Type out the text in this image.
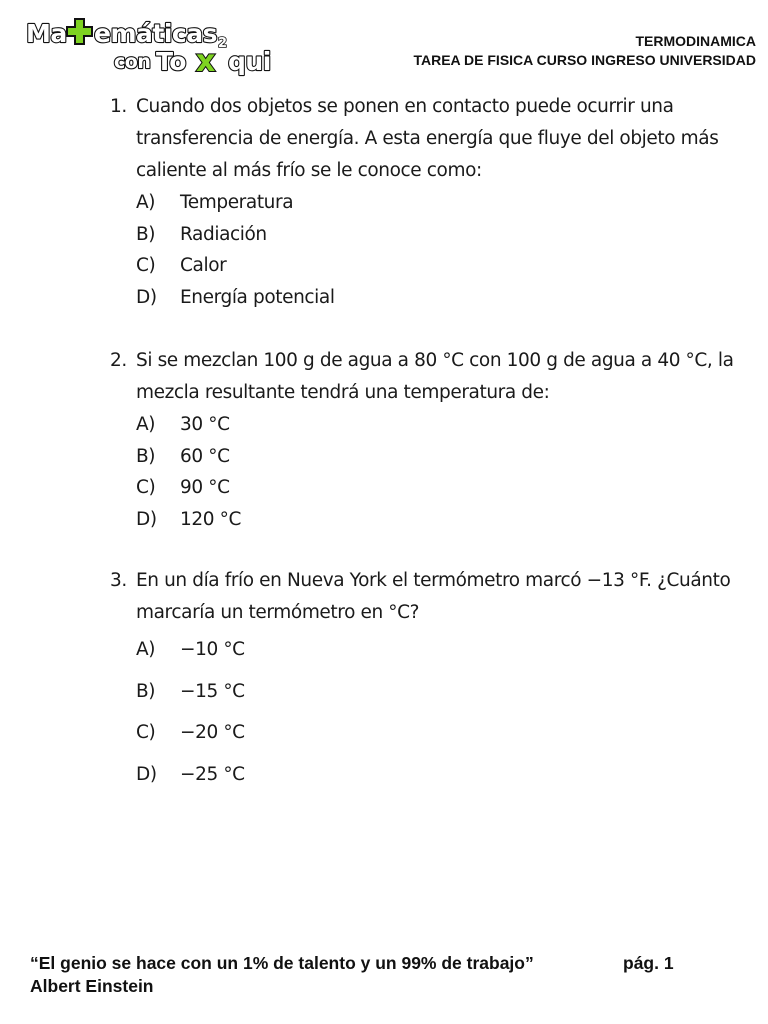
Ma emáticas
con To qui
x
2	TERMODINAMICA
TAREA DE FISICA CURSO INGRESO UNIVERSIDAD
1. Cuando dos objetos se ponen en contacto puede ocurrir una
transferencia de energía. A esta energía que fluye del objeto más
caliente al más frío se le conoce como:
A) Temperatura
B) Radiación
C) Calor
D) Energía potencial
2. Si se mezclan 100 g de agua a 80 °C con 100 g de agua a 40 °C, la
mezcla resultante tendrá una temperatura de:
A) 30 °C
B) 60 °C
C) 90 °C
D) 120 °C
3. En un día frío en Nueva York el termómetro marcó −13 °F. ¿Cuánto
marcaría un termómetro en °C?
A) −10 °C
B) −15 °C
C) −20 °C
D) −25 °C
“El genio se hace con un 1% de talento y un 99% de trabajo”
Albert Einstein
pág. 1
